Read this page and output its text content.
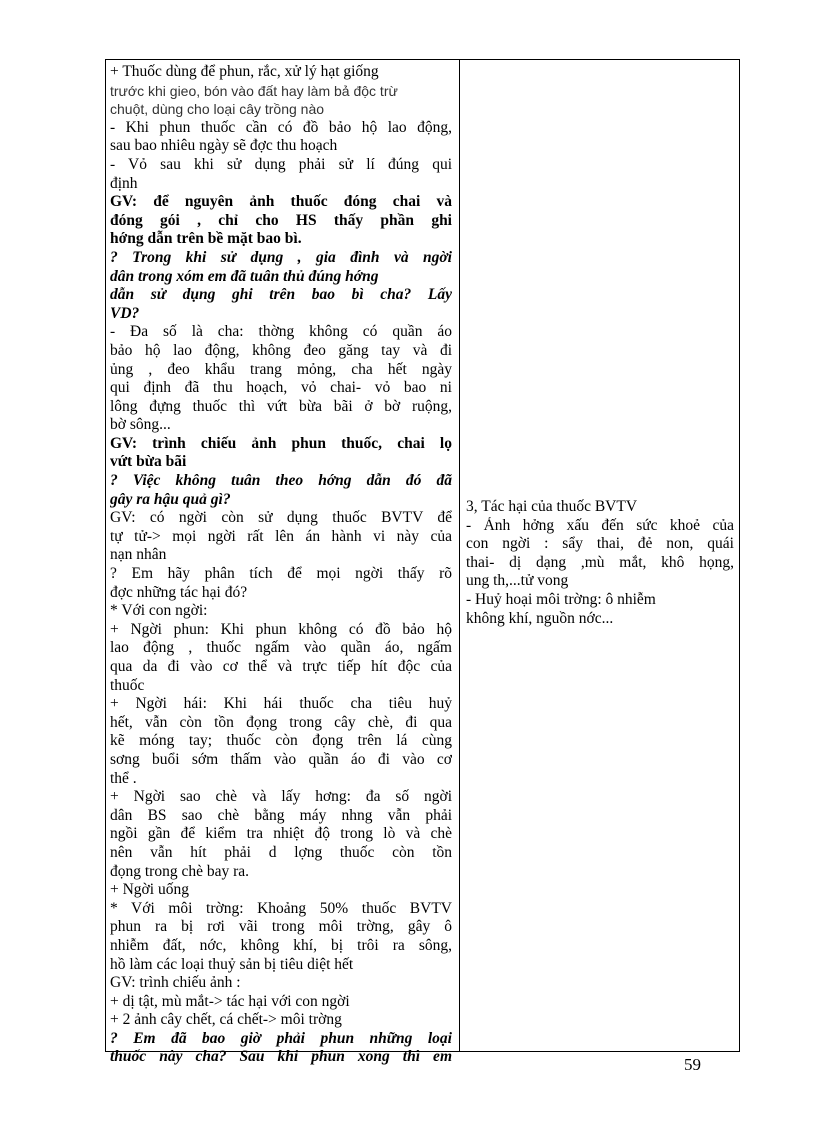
+ Thuốc dùng để phun, rắc, xử lý hạt giống
trước khi gieo, bón vào đất hay làm bả độc trừ
chuột, dùng cho loại cây trồng nào
- Khi phun thuốc cần có đồ bảo hộ lao động,
sau bao nhiêu ngày sẽ đợc thu hoạch
- Vỏ sau khi sử dụng phải sử lí đúng qui
định
GV: để nguyên ảnh thuốc đóng chai và
đóng gói , chỉ cho HS thấy phần ghi
hớng dẫn trên bề mặt bao bì.
? Trong khi sử dụng , gia đình và ngời
dân trong xóm em đã tuân thủ đúng hớng
dẫn sử dụng ghi trên bao bì cha? Lấy
VD?
- Đa số là cha: thờng không có quần áo
bảo hộ lao động, không đeo găng tay và đi
ủng , đeo khẩu trang mỏng, cha hết ngày
qui định đã thu hoạch, vỏ chai- vỏ bao ni
lông đựng thuốc thì vứt bừa bãi ở bờ ruộng,
bờ sông...
GV: trình chiếu ảnh phun thuốc, chai lọ
vứt bừa bãi
? Việc không tuân theo hớng dẫn đó đã
gây ra hậu quả gì?
GV: có ngời còn sử dụng thuốc BVTV để
tự tử-> mọi ngời rất lên án hành vi này của
nạn nhân
? Em hãy phân tích để mọi ngời thấy rõ
đợc những tác hại đó?
* Với con ngời:
+ Ngời phun: Khi phun không có đồ bảo hộ
lao động , thuốc ngấm vào quần áo, ngấm
qua da đi vào cơ thể và trực tiếp hít độc của
thuốc
+ Ngời hái: Khi hái thuốc cha tiêu huỷ
hết, vẫn còn tồn đọng trong cây chè, đi qua
kẽ móng tay; thuốc còn đọng trên lá cùng
sơng buổi sớm thấm vào quần áo đi vào cơ
thể .
+ Ngời sao chè và lấy hơng: đa số ngời
dân BS sao chè bằng máy nhng vẫn phải
ngồi gần để kiểm tra nhiệt độ trong lò và chè
nên vẫn hít phải d lợng thuốc còn tồn
đọng trong chè bay ra.
+ Ngời uống
* Với môi trờng: Khoảng 50% thuốc BVTV
phun ra bị rơi vãi trong môi trờng, gây ô
nhiễm đất, nớc, không khí, bị trôi ra sông,
hồ làm các loại thuỷ sản bị tiêu diệt hết
GV: trình chiếu ảnh :
+ dị tật, mù mắt-> tác hại với con ngời
+ 2 ảnh cây chết, cá chết-> môi trờng
? Em đã bao giờ phải phun những loại
thuốc này cha? Sau khi phun xong thì em
3, Tác hại của thuốc BVTV
- Ảnh hởng xấu đến sức khoẻ của
con ngời : sẩy thai, đẻ non, quái
thai- dị dạng ,mù mắt, khô họng,
ung th,...tử vong
- Huỷ hoại môi trờng: ô nhiễm
không khí, nguồn nớc...
59
